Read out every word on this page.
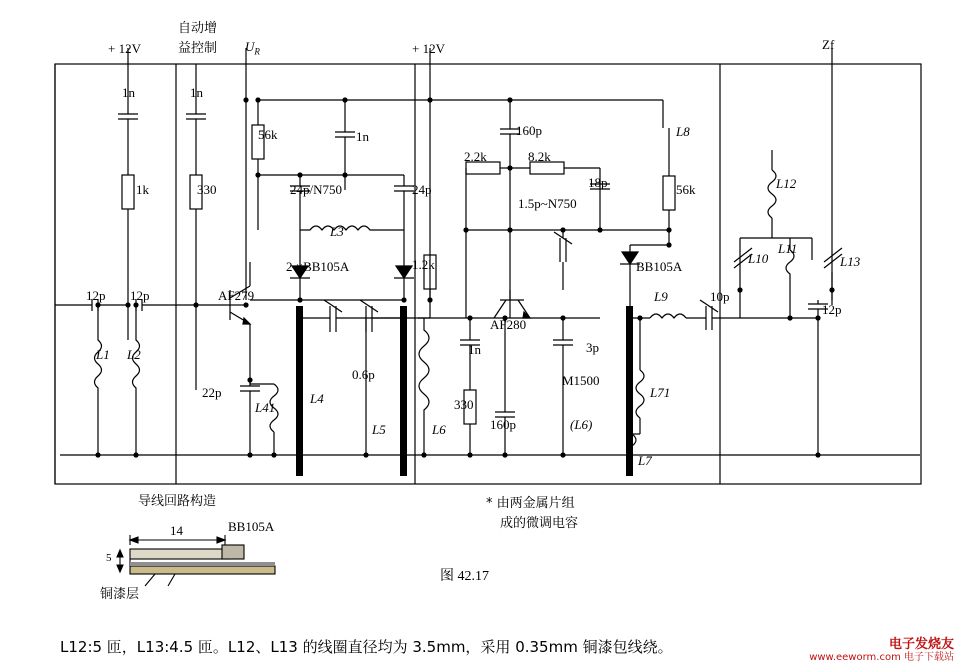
自动增
益控制 $U_R$
+ 12V	+ 12V	Zf
1n	1n
56k	1n
1k	330	24p/N750	24p
L3
2 ×BB105A
12p 12p	AF279
1.2k
L1 L2
22p
L41
L4
0.6p
L5
160p
2.2k	8.2k
L8
18p	56k
1.5p~N750
L12
BB105A
L10
L11
L13
L9	10p
12p
AF280
1n	3p
M1500
L71
330
L6	160p	(L6)
L7
* 由两金属片组
成的微调电容
导线回路构造
BB105A
14
5
铜漆层
图 42.17
L12:5 匝，L13:4.5 匝。L12、L13 的线圈直径均为 3.5mm，采用 0.35mm 铜漆包线绕。	电子发烧友
www.eeworm.com 电子下载站
